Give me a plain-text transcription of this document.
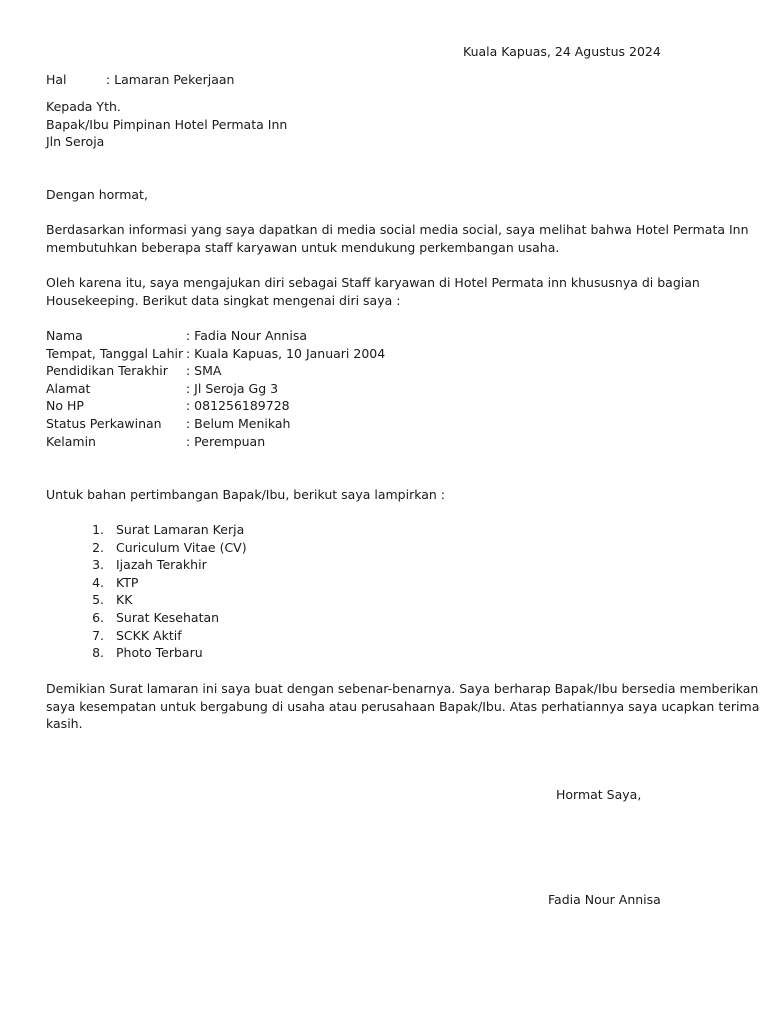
Kuala Kapuas, 24 Agustus 2024
Hal	: Lamaran Pekerjaan
Kepada Yth.
Bapak/Ibu Pimpinan Hotel Permata Inn
Jln Seroja
Dengan hormat,
Berdasarkan informasi yang saya dapatkan di media social media social, saya melihat bahwa Hotel Permata Inn
membutuhkan beberapa staff karyawan untuk mendukung perkembangan usaha.
Oleh karena itu, saya mengajukan diri sebagai Staff karyawan di Hotel Permata inn khususnya di bagian
Housekeeping. Berikut data singkat mengenai diri saya :
Nama	: Fadia Nour Annisa
Tempat, Tanggal Lahir : Kuala Kapuas, 10 Januari 2004
Pendidikan Terakhir	: SMA
Alamat	: Jl Seroja Gg 3
No HP	: 081256189728
Status Perkawinan	: Belum Menikah
Kelamin	: Perempuan
Untuk bahan pertimbangan Bapak/Ibu, berikut saya lampirkan :
1. Surat Lamaran Kerja
2. Curiculum Vitae (CV)
3. Ijazah Terakhir
4. KTP
5. KK
6. Surat Kesehatan
7. SCKK Aktif
8. Photo Terbaru
Demikian Surat lamaran ini saya buat dengan sebenar-benarnya. Saya berharap Bapak/Ibu bersedia memberikan
saya kesempatan untuk bergabung di usaha atau perusahaan Bapak/Ibu. Atas perhatiannya saya ucapkan terima
kasih.
Hormat Saya,
Fadia Nour Annisa
